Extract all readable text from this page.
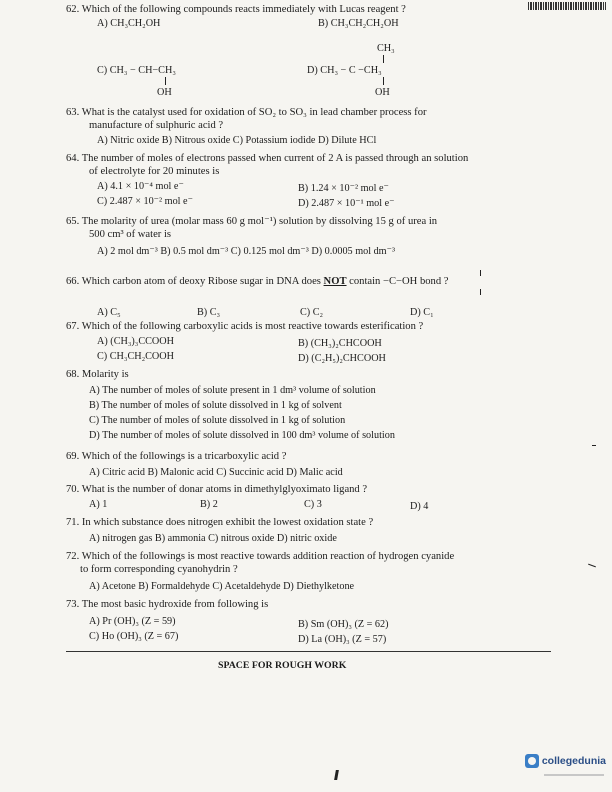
62. Which of the following compounds reacts immediately with Lucas reagent ?
A) CH₃CH₂OH	B) CH₃CH₂CH₂OH
CH₃
C) CH₃ − CH−CH₃	D) CH₃ − C −CH₃
OH	OH
63. What is the catalyst used for oxidation of SO₂ to SO₃ in lead chamber process for
manufacture of sulphuric acid ?
A) Nitric oxide B) Nitrous oxide C) Potassium iodide D) Dilute HCl
64. The number of moles of electrons passed when current of 2 A is passed through an solution
of electrolyte for 20 minutes is
A) 4.1 × 10⁻⁴ mol e⁻	B) 1.24 × 10⁻² mol e⁻
C) 2.487 × 10⁻² mol e⁻	D) 2.487 × 10⁻¹ mol e⁻
65. The molarity of urea (molar mass 60 g mol⁻¹) solution by dissolving 15 g of urea in
500 cm³ of water is
A) 2 mol dm⁻³ B) 0.5 mol dm⁻³ C) 0.125 mol dm⁻³ D) 0.0005 mol dm⁻³
66. Which carbon atom of deoxy Ribose sugar in DNA does NOT contain −C−OH bond ?
A) C₅	B) C₃	C) C₂	D) C₁
67. Which of the following carboxylic acids is most reactive towards esterification ?
A) (CH₃)₃CCOOH	B) (CH₃)₂CHCOOH
C) CH₃CH₂COOH	D) (C₂H₅)₂CHCOOH
68. Molarity is
A) The number of moles of solute present in 1 dm³ volume of solution
B) The number of moles of solute dissolved in 1 kg of solvent
C) The number of moles of solute dissolved in 1 kg of solution
D) The number of moles of solute dissolved in 100 dm³ volume of solution
69. Which of the followings is a tricarboxylic acid ?
A) Citric acid B) Malonic acid C) Succinic acid D) Malic acid
70. What is the number of donar atoms in dimethylglyoximato ligand ?
A) 1	B) 2	C) 3	D) 4
71. In which substance does nitrogen exhibit the lowest oxidation state ?
A) nitrogen gas B) ammonia C) nitrous oxide D) nitric oxide
72. Which of the followings is most reactive towards addition reaction of hydrogen cyanide
to form corresponding cyanohydrin ?
A) Acetone B) Formaldehyde C) Acetaldehyde D) Diethylketone
73. The most basic hydroxide from following is
A) Pr (OH)₃ (Z = 59)	B) Sm (OH)₃ (Z = 62)
C) Ho (OH)₃ (Z = 67)	D) La (OH)₃ (Z = 57)
SPACE FOR ROUGH WORK
collegedunia
